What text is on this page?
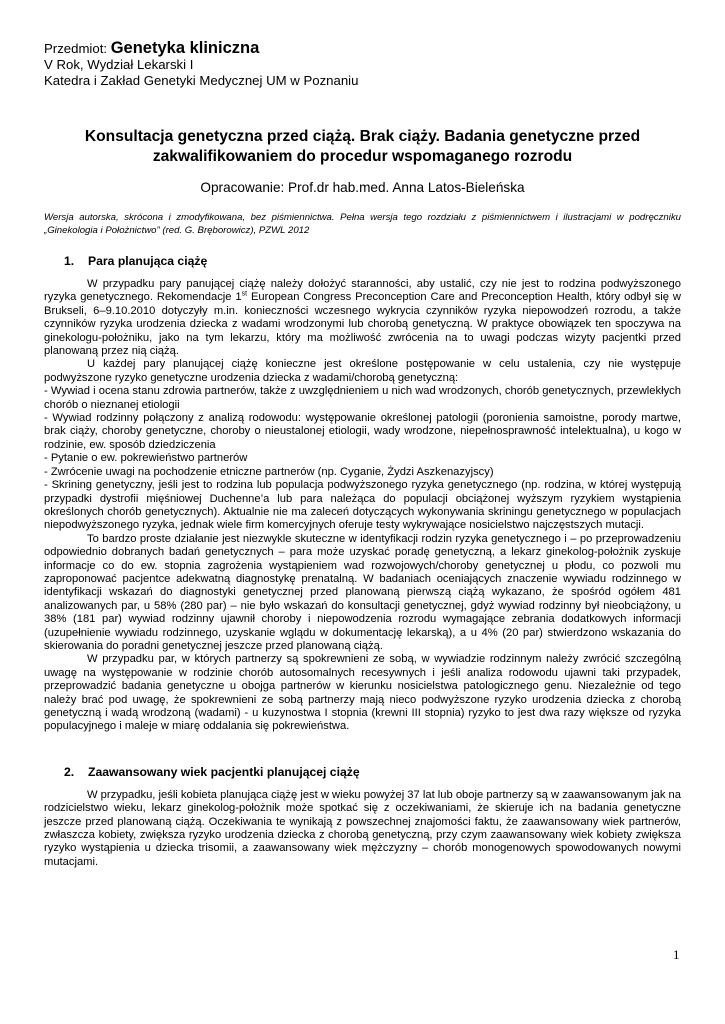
Przedmiot: Genetyka kliniczna
V Rok, Wydział Lekarski I
Katedra i Zakład Genetyki Medycznej UM w Poznaniu
Konsultacja genetyczna przed ciążą. Brak ciąży. Badania genetyczne przed zakwalifikowaniem do procedur wspomaganego rozrodu
Opracowanie: Prof.dr hab.med. Anna Latos-Bieleńska
Wersja autorska, skrócona i zmodyfikowana, bez piśmiennictwa. Pełna wersja tego rozdziału z piśmiennictwem i ilustracjami w podręczniku „Ginekologia i Położnictwo” (red. G. Bręborowicz), PZWL 2012
1. Para planująca ciążę

W przypadku pary panującej ciążę należy dołożyć staranności, aby ustalić, czy nie jest to rodzina podwyższonego ryzyka genetycznego. Rekomendacje 1st European Congress Preconception Care and Preconception Health, który odbył się w Brukseli, 6–9.10.2010 dotyczyły m.in. konieczności wczesnego wykrycia czynników ryzyka niepowodzeń rozrodu, a także czynników ryzyka urodzenia dziecka z wadami wrodzonymi lub chorobą genetyczną. W praktyce obowiązek ten spoczywa na ginekologu-położniku, jako na tym lekarzu, który ma możliwość zwrócenia na to uwagi podczas wizyty pacjentki przed planowaną przez nią ciążą.

U każdej pary planującej ciążę konieczne jest określone postępowanie w celu ustalenia, czy nie występuje podwyższone ryzyko genetyczne urodzenia dziecka z wadami/chorobą genetyczną:

- Wywiad i ocena stanu zdrowia partnerów, także z uwzględnieniem u nich wad wrodzonych, chorób genetycznych, przewlekłych chorób o nieznanej etiologii

- Wywiad rodzinny połączony z analizą rodowodu: występowanie określonej patologii (poronienia samoistne, porody martwe, brak ciąży, choroby genetyczne, choroby o nieustalonej etiologii, wady wrodzone, niepełnosprawność intelektualna), u kogo w rodzinie, ew. sposób dziedziczenia

- Pytanie o ew. pokrewieństwo partnerów

- Zwrócenie uwagi na pochodzenie etniczne partnerów (np. Cyganie, Żydzi Aszkenazyjscy)

- Skrining genetyczny, jeśli jest to rodzina lub populacja podwyższonego ryzyka genetycznego (np. rodzina, w której występują przypadki dystrofii mięśniowej Duchenne’a lub para należąca do populacji obciążonej wyższym ryzykiem wystąpienia określonych chorób genetycznych). Aktualnie nie ma zaleceń dotyczących wykonywania skriningu genetycznego w populacjach niepodwyższonego ryzyka, jednak wiele firm komercyjnych oferuje testy wykrywające nosicielstwo najczęstszych mutacji.

To bardzo proste działanie jest niezwykle skuteczne w identyfikacji rodzin ryzyka genetycznego i – po przeprowadzeniu odpowiednio dobranych badań genetycznych – para może uzyskać poradę genetyczną, a lekarz ginekolog-położnik zyskuje informacje co do ew. stopnia zagrożenia wystąpieniem wad rozwojowych/choroby genetycznej u płodu, co pozwoli mu zaproponować pacjentce adekwatną diagnostykę prenatalną. W badaniach oceniających znaczenie wywiadu rodzinnego w identyfikacji wskazań do diagnostyki genetycznej przed planowaną pierwszą ciążą wykazano, że spośród ogółem 481 analizowanych par, u 58% (280 par) – nie było wskazań do konsultacji genetycznej, gdyż wywiad rodzinny był nieobciążony, u 38% (181 par) wywiad rodzinny ujawnił choroby i niepowodzenia rozrodu wymagające zebrania dodatkowych informacji (uzupełnienie wywiadu rodzinnego, uzyskanie wglądu w dokumentację lekarską), a u 4% (20 par) stwierdzono wskazania do skierowania do poradni genetycznej jeszcze przed planowaną ciążą.

W przypadku par, w których partnerzy są spokrewnieni ze sobą, w wywiadzie rodzinnym należy zwrócić szczególną uwagę na występowanie w rodzinie chorób autosomalnych recesywnych i jeśli analiza rodowodu ujawni taki przypadek, przeprowadzić badania genetyczne u obojga partnerów w kierunku nosicielstwa patologicznego genu. Niezależnie od tego należy brać pod uwagę, że spokrewnieni ze sobą partnerzy mają nieco podwyższone ryzyko urodzenia dziecka z chorobą genetyczną i wadą wrodzoną (wadami) - u kuzynostwa I stopnia (krewni III stopnia) ryzyko to jest dwa razy większe od ryzyka populacyjnego i maleje w miarę oddalania się pokrewieństwa.

2. Zaawansowany wiek pacjentki planującej ciążę

W przypadku, jeśli kobieta planująca ciążę jest w wieku powyżej 37 lat lub oboje partnerzy są w zaawansowanym jak na rodzicielstwo wieku, lekarz ginekolog-położnik może spotkać się z oczekiwaniami, że skieruje ich na badania genetyczne jeszcze przed planowaną ciążą. Oczekiwania te wynikają z powszechnej znajomości faktu, że zaawansowany wiek partnerów, zwłaszcza kobiety, zwiększa ryzyko urodzenia dziecka z chorobą genetyczną, przy czym zaawansowany wiek kobiety zwiększa ryzyko wystąpienia u dziecka trisomii, a zaawansowany wiek mężczyzny – chorób monogenowych spowodowanych nowymi mutacjami.

1
